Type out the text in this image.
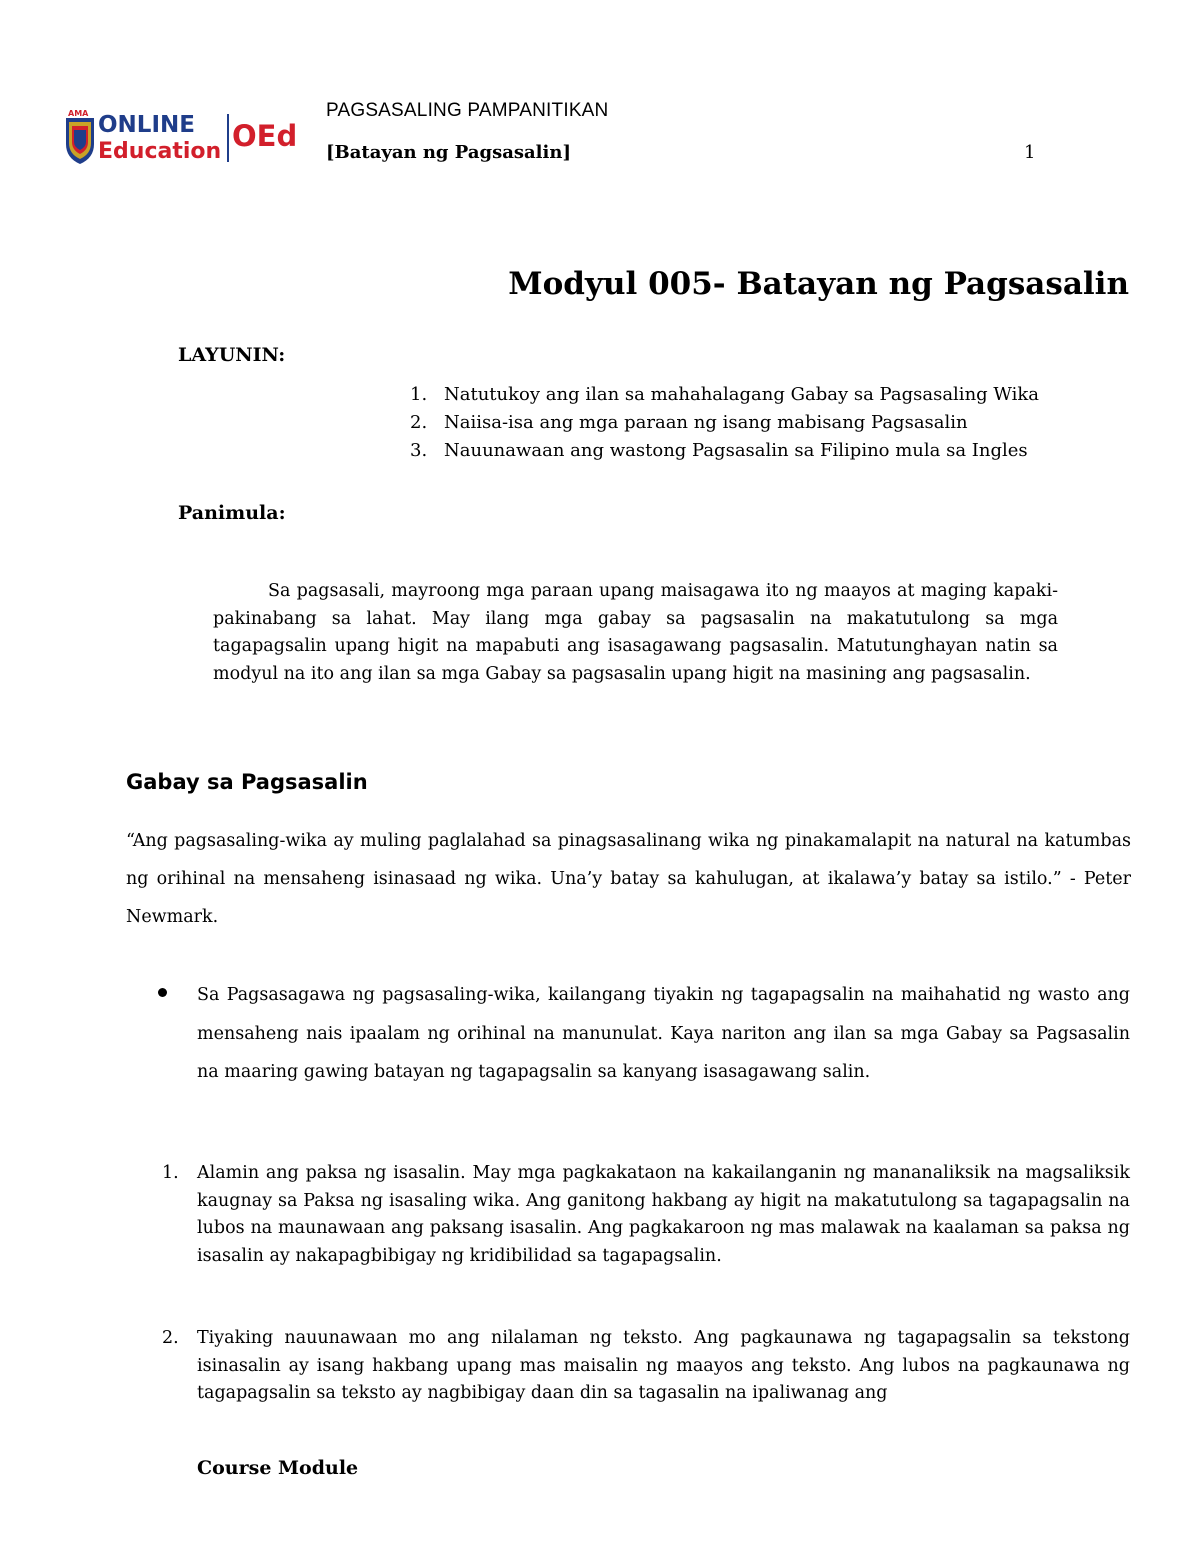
AMA ONLINE
Education OEd
PAGSASALING PAMPANITIKAN
[Batayan ng Pagsasalin]	1
Modyul 005- Batayan ng Pagsasalin
LAYUNIN:
1. Natutukoy ang ilan sa mahahalagang Gabay sa Pagsasaling Wika
2. Naiisa-isa ang mga paraan ng isang mabisang Pagsasalin
3. Nauunawaan ang wastong Pagsasalin sa Filipino mula sa Ingles
Panimula:
Sa pagsasali, mayroong mga paraan upang maisagawa ito ng maayos at maging kapaki-pakinabang sa lahat. May ilang mga gabay sa pagsasalin na makatutulong sa mga tagapagsalin upang higit na mapabuti ang isasagawang pagsasalin. Matutunghayan natin sa modyul na ito ang ilan sa mga Gabay sa pagsasalin upang higit na masining ang pagsasalin.
Gabay sa Pagsasalin
“Ang pagsasaling-wika ay muling paglalahad sa pinagsasalinang wika ng pinakamalapit na natural na katumbas ng orihinal na mensaheng isinasaad ng wika. Una’y batay sa kahulugan, at ikalawa’y batay sa istilo.” - Peter Newmark.
Sa Pagsasagawa ng pagsasaling-wika, kailangang tiyakin ng tagapagsalin na maihahatid ng wasto ang mensaheng nais ipaalam ng orihinal na manunulat. Kaya nariton ang ilan sa mga Gabay sa Pagsasalin na maaring gawing batayan ng tagapagsalin sa kanyang isasagawang salin.
1. Alamin ang paksa ng isasalin. May mga pagkakataon na kakailanganin ng mananaliksik na magsaliksik kaugnay sa Paksa ng isasaling wika. Ang ganitong hakbang ay higit na makatutulong sa tagapagsalin na lubos na maunawaan ang paksang isasalin. Ang pagkakaroon ng mas malawak na kaalaman sa paksa ng isasalin ay nakapagbibigay ng kridibilidad sa tagapagsalin.
2. Tiyaking nauunawaan mo ang nilalaman ng teksto. Ang pagkaunawa ng tagapagsalin sa tekstong isinasalin ay isang hakbang upang mas maisalin ng maayos ang teksto. Ang lubos na pagkaunawa ng tagapagsalin sa teksto ay nagbibigay daan din sa tagasalin na ipaliwanag ang
Course Module
